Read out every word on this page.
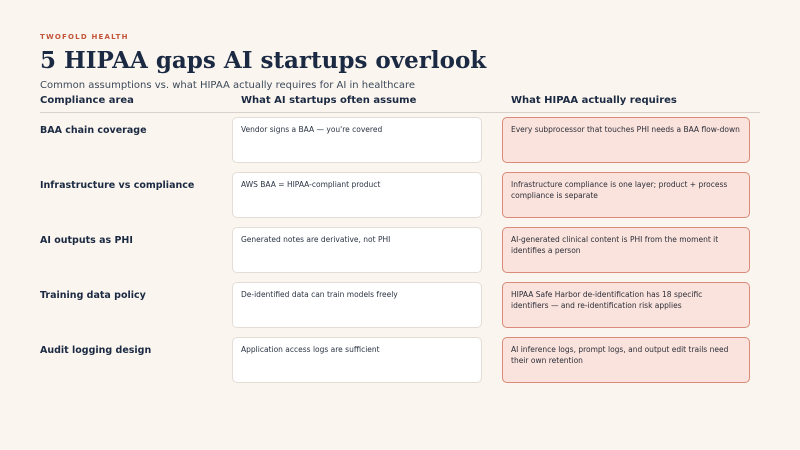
TWOFOLD HEALTH
5 HIPAA gaps AI startups overlook
Common assumptions vs. what HIPAA actually requires for AI in healthcare
Compliance area	What AI startups often assume	What HIPAA actually requires
BAA chain coverage	Vendor signs a BAA — you're covered	Every subprocessor that touches PHI needs a BAA flow-down
Infrastructure vs compliance	AWS BAA = HIPAA-compliant product	Infrastructure compliance is one layer; product + process compliance is separate
AI outputs as PHI	Generated notes are derivative, not PHI	AI-generated clinical content is PHI from the moment it identifies a person
Training data policy	De-identified data can train models freely	HIPAA Safe Harbor de-identification has 18 specific identifiers — and re-identification risk applies
Audit logging design	Application access logs are sufficient	AI inference logs, prompt logs, and output edit trails need their own retention
